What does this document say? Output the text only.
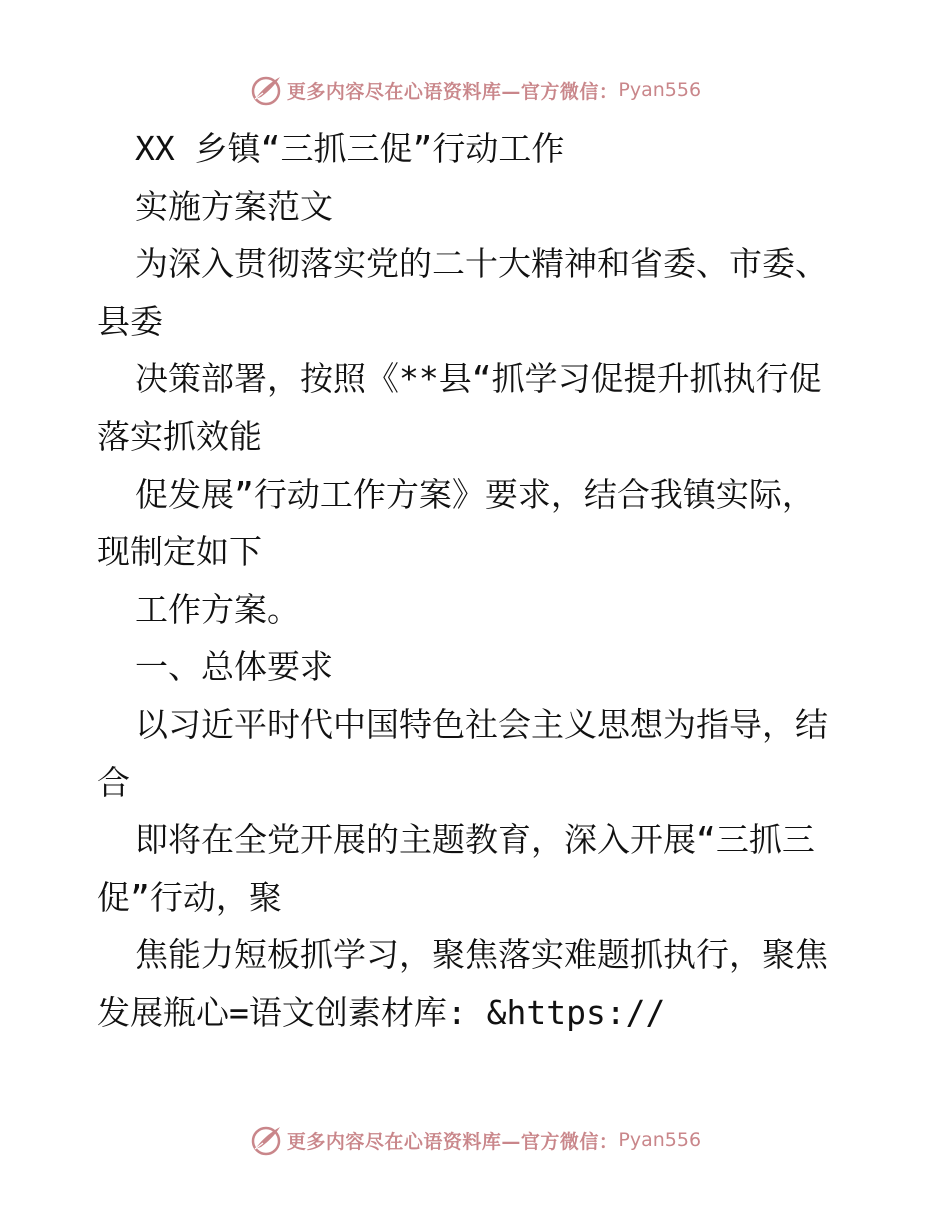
更多内容尽在心语资料库—官方微信： Pyan556
XX 乡镇“三抓三促”行动工作
实施方案范文
为深入贯彻落实党的二十大精神和省委、市委、
县委
决策部署，按照《**县“抓学习促提升抓执行促
落实抓效能
促发展”行动工作方案》要求，结合我镇实际，
现制定如下
工作方案。
一、总体要求
以习近平时代中国特色社会主义思想为指导，结
合
即将在全党开展的主题教育，深入开展“三抓三
促”行动，聚
焦能力短板抓学习，聚焦落实难题抓执行，聚焦
发展瓶心=语文创素材库: &https://
更多内容尽在心语资料库—官方微信： Pyan556
